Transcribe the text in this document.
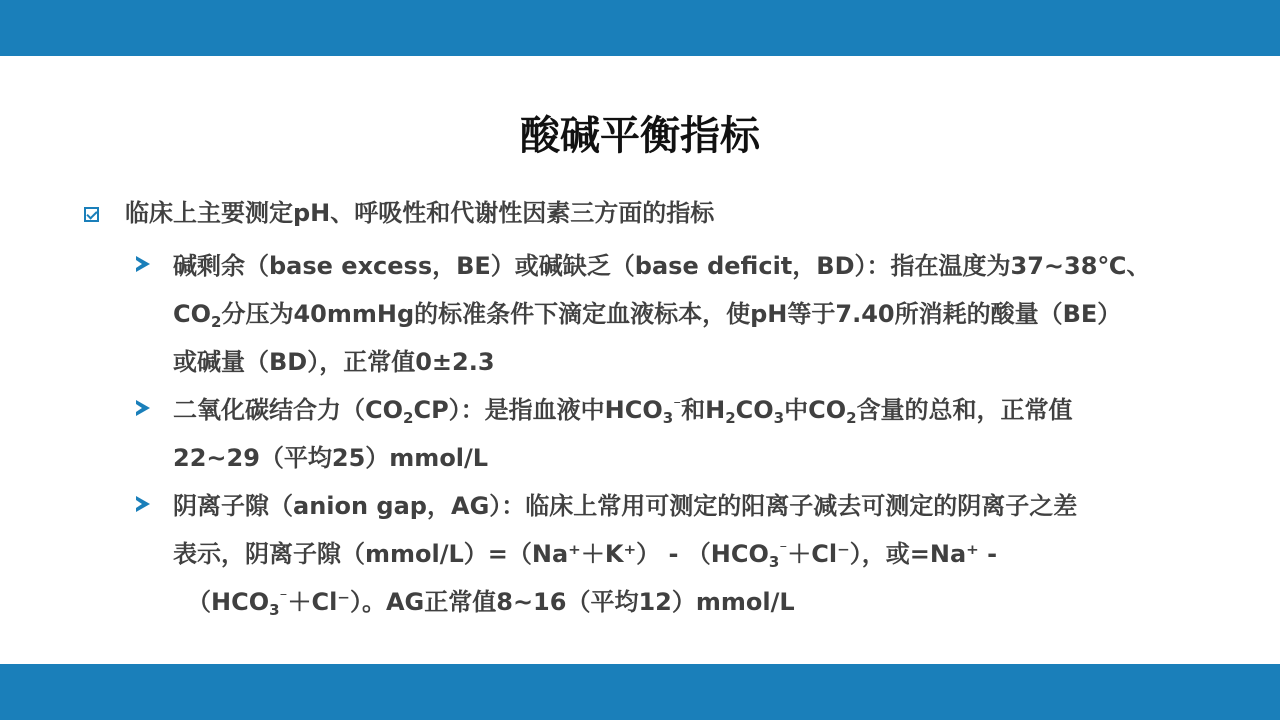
酸碱平衡指标
临床上主要测定pH、呼吸性和代谢性因素三方面的指标
碱剩余（base excess，BE）或碱缺乏（base deficit，BD）：指在温度为37~38℃、
$CO_2$分压为40mmHg的标准条件下滴定血液标本，使pH等于7.40所消耗的酸量（BE）
或碱量（BD），正常值0±2.3
二氧化碳结合力$(CO_2CP)$：是指血液中$HCO_3^{^-}$和$H_2CO_3$中$CO_2$含量的总和，正常值
22~29（平均25）mmol/L
阴离子隙（anion gap，AG）：临床上常用可测定的阳离子减去可测定的阴离子之差
表示，阴离子隙（mmol/L）=（Na⁺＋K⁺） - $(HCO_3^{^-}+Cl^-)$，或=Na⁺ -
$(HCO_3^{^-}+Cl^-)$。AG正常值8~16（平均12）mmol/L
